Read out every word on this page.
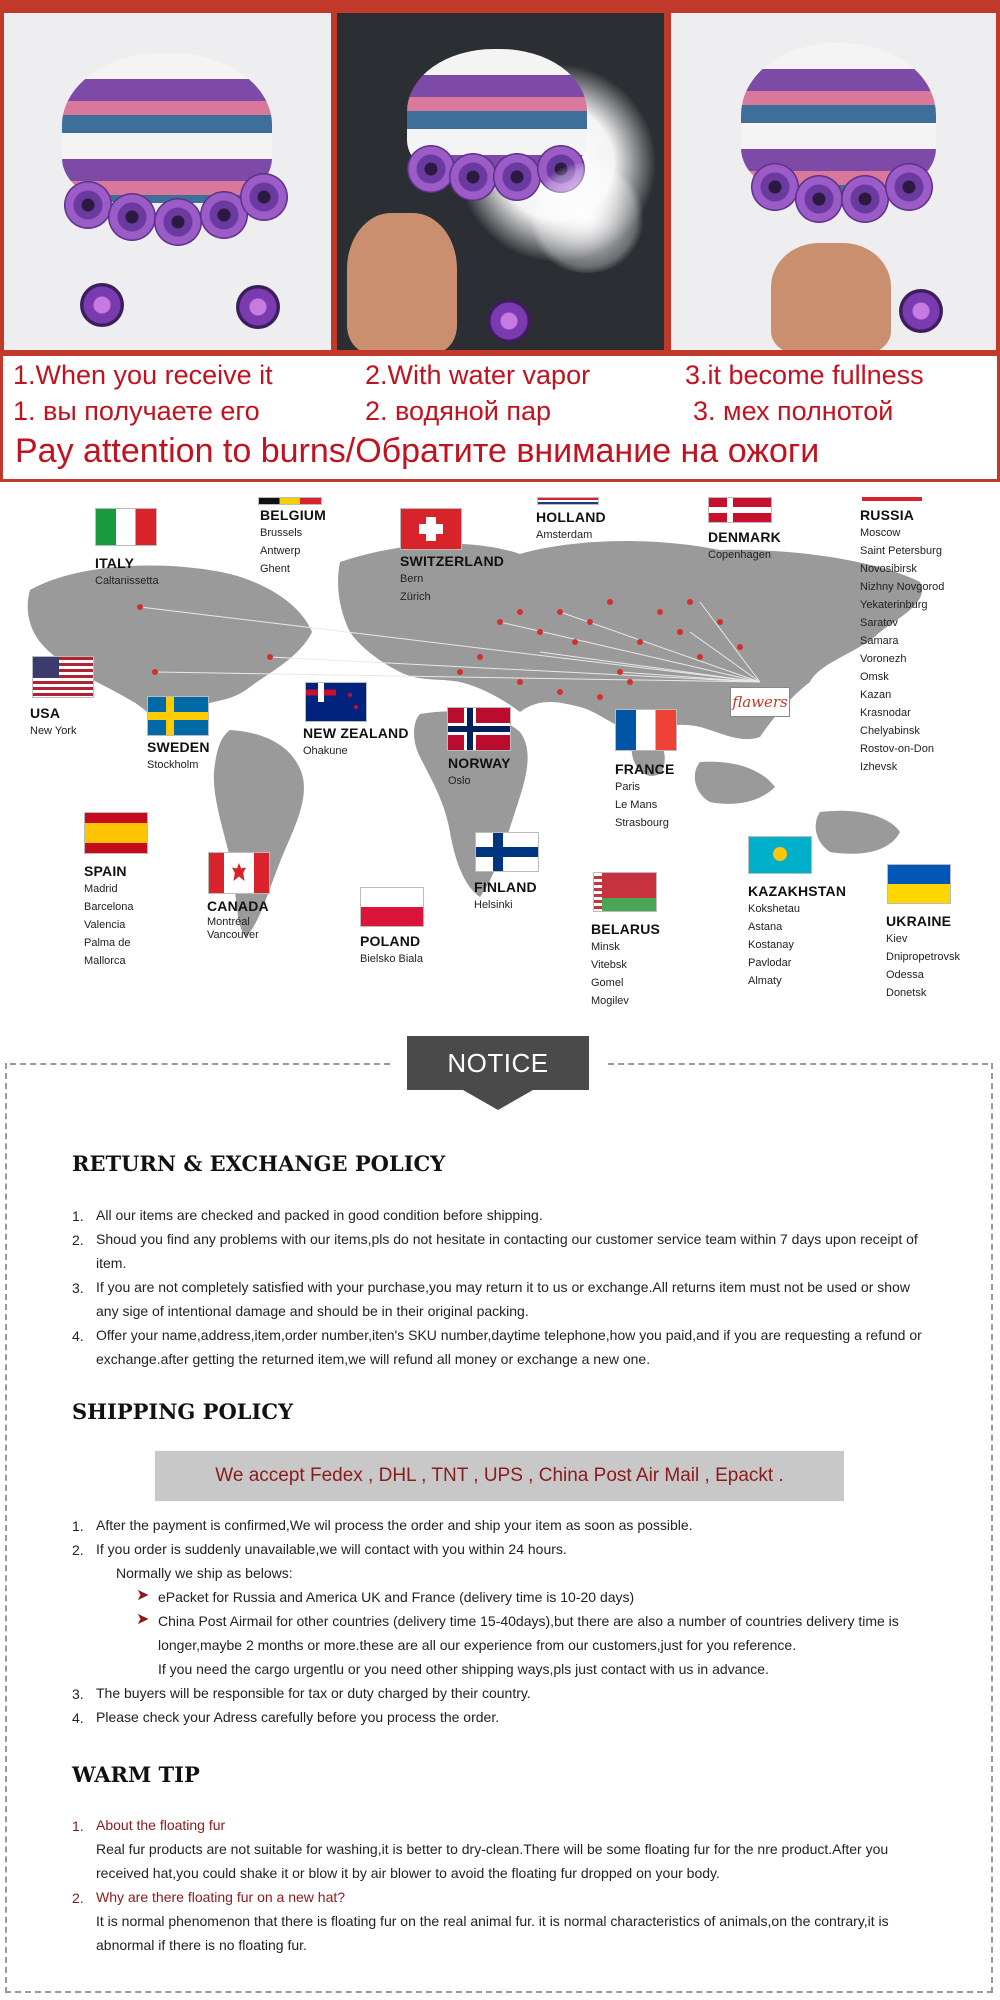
1.When you receive it	2.With water vapor	3.it become fullness
1. вы получаете его	2. водяной пар	3. мех полнотой
Pay attention to burns/Обратите внимание на ожоги
flawers
ITALY
Caltanissetta
BELGIUM
Brussels
Antwerp
Ghent	SWITZERLAND
Bern
Zürich
HOLLAND
Amsterdam	DENMARK
Copenhagen
RUSSIA
Moscow
Saint Petersburg
Novosibirsk
Nizhny Novgorod
Yekaterinburg
Saratov
Samara
Voronezh
Omsk
Kazan
Krasnodar
Chelyabinsk
Rostov-on-Don
Izhevsk
USA
New York
SWEDEN
Stockholm
NEW ZEALAND
Ohakune
NORWAY
Oslo
FRANCE
Paris
Le Mans
Strasbourg
SPAIN
Madrid
Barcelona
Valencia
Palma de
Mallorca
CANADA
Montréal
Vancouver	POLAND
Bielsko Biala
FINLAND
Helsinki
BELARUS
Minsk
Vitebsk
Gomel
Mogilev
KAZAKHSTAN
Kokshetau
Astana
Kostanay
Pavlodar
Almaty
UKRAINE
Kiev
Dnipropetrovsk
Odessa
Donetsk
NOTICE
RETURN & EXCHANGE POLICY
1. All our items are checked and packed in good condition before shipping.
2. Shoud you find any problems with our items,pls do not hesitate in contacting our customer service team within 7 days upon receipt of item.
3. If you are not completely satisfied with your purchase,you may return it to us or exchange.All returns item must not be used or show any sige of intentional damage and should be in their original packing.
4. Offer your name,address,item,order number,iten's SKU number,daytime telephone,how you paid,and if you are requesting a refund or exchange.after getting the returned item,we will refund all money or exchange a new one.
SHIPPING POLICY
We accept Fedex , DHL , TNT , UPS , China Post Air Mail , Epackt .
1. After the payment is confirmed,We wil process the order and ship your item as soon as possible.
2. If you order is suddenly unavailable,we will contact with you within 24 hours.
Normally we ship as belows:
➤ ePacket for Russia and America UK and France (delivery time is 10-20 days)
➤ China Post Airmail for other countries (delivery time 15-40days),but there are also a number of countries delivery time is longer,maybe 2 months or more.these are all our experience from our customers,just for you reference.
If you need the cargo urgentlu or you need other shipping ways,pls just contact with us in advance.
3. The buyers will be responsible for tax or duty charged by their country.
4. Please check your Adress carefully before you process the order.
WARM TIP
1. About the floating fur
Real fur products are not suitable for washing,it is better to dry-clean.There will be some floating fur for the nre product.After you received hat,you could shake it or blow it by air blower to avoid the floating fur dropped on your body.
2. Why are there floating fur on a new hat?
It is normal phenomenon that there is floating fur on the real animal fur. it is normal characteristics of animals,on the contrary,it is abnormal if there is no floating fur.
